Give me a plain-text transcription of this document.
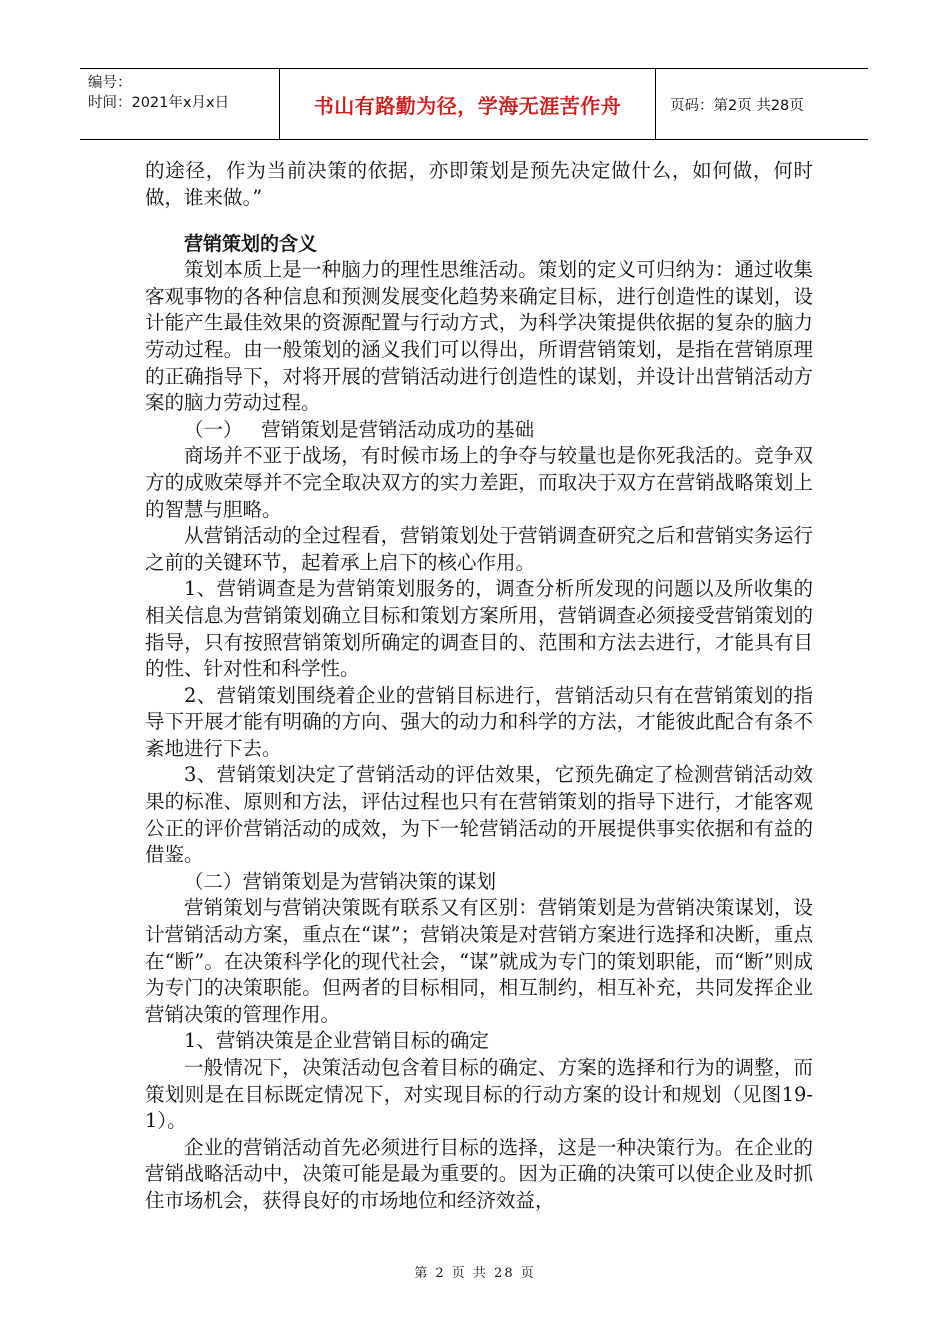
编号：
时间：2021年x月x日	书山有路勤为径，学海无涯苦作舟	页码：第2页 共28页

的途径，作为当前决策的依据，亦即策划是预先决定做什么，如何做，何时做，谁来做。”

营销策划的含义

策划本质上是一种脑力的理性思维活动。策划的定义可归纳为：通过收集客观事物的各种信息和预测发展变化趋势来确定目标，进行创造性的谋划，设计能产生最佳效果的资源配置与行动方式，为科学决策提供依据的复杂的脑力劳动过程。由一般策划的涵义我们可以得出，所谓营销策划，是指在营销原理的正确指导下，对将开展的营销活动进行创造性的谋划，并设计出营销活动方案的脑力劳动过程。

（一）   营销策划是营销活动成功的基础

商场并不亚于战场，有时候市场上的争夺与较量也是你死我活的。竞争双方的成败荣辱并不完全取决双方的实力差距，而取决于双方在营销战略策划上的智慧与胆略。

从营销活动的全过程看，营销策划处于营销调查研究之后和营销实务运行之前的关键环节，起着承上启下的核心作用。

1、营销调查是为营销策划服务的，调查分析所发现的问题以及所收集的相关信息为营销策划确立目标和策划方案所用，营销调查必须接受营销策划的指导，只有按照营销策划所确定的调查目的、范围和方法去进行，才能具有目的性、针对性和科学性。

2、营销策划围绕着企业的营销目标进行，营销活动只有在营销策划的指导下开展才能有明确的方向、强大的动力和科学的方法，才能彼此配合有条不紊地进行下去。

3、营销策划决定了营销活动的评估效果，它预先确定了检测营销活动效果的标准、原则和方法，评估过程也只有在营销策划的指导下进行，才能客观公正的评价营销活动的成效，为下一轮营销活动的开展提供事实依据和有益的借鉴。

（二）营销策划是为营销决策的谋划

营销策划与营销决策既有联系又有区别：营销策划是为营销决策谋划，设计营销活动方案，重点在“谋”；营销决策是对营销方案进行选择和决断，重点在“断”。在决策科学化的现代社会，“谋”就成为专门的策划职能，而“断”则成为专门的决策职能。但两者的目标相同，相互制约，相互补充，共同发挥企业营销决策的管理作用。

1、营销决策是企业营销目标的确定

一般情况下，决策活动包含着目标的确定、方案的选择和行为的调整，而策划则是在目标既定情况下，对实现目标的行动方案的设计和规划（见图19-1）。

企业的营销活动首先必须进行目标的选择，这是一种决策行为。在企业的营销战略活动中，决策可能是最为重要的。因为正确的决策可以使企业及时抓住市场机会，获得良好的市场地位和经济效益，

第 2 页 共 28 页
